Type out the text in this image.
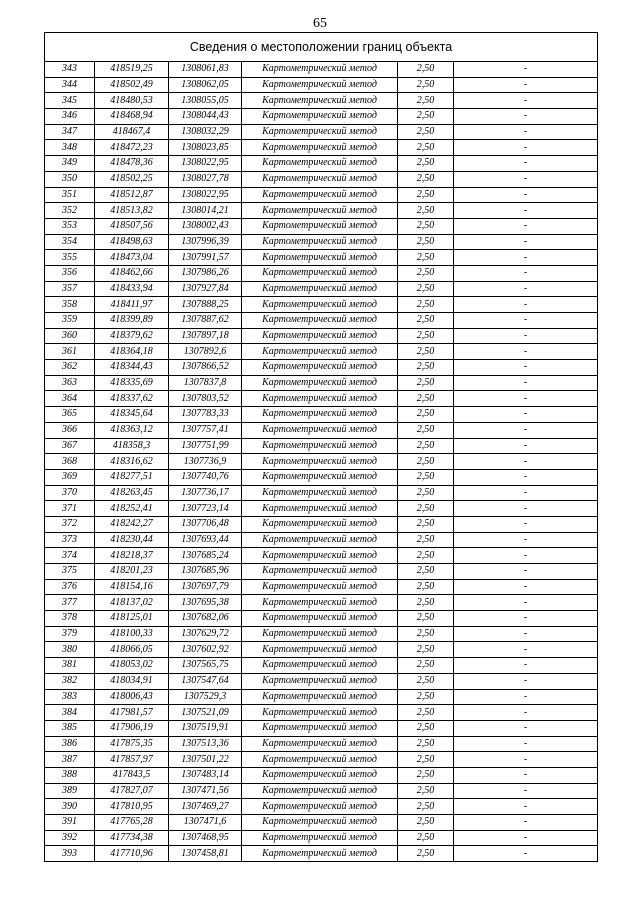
65
Сведения о местоположении границ объекта					
343	418519,25	1308061,83	Картометрический метод	2,50	-
344	418502,49	1308062,05	Картометрический метод	2,50	-
345	418480,53	1308055,05	Картометрический метод	2,50	-
346	418468,94	1308044,43	Картометрический метод	2,50	-
347	418467,4	1308032,29	Картометрический метод	2,50	-
348	418472,23	1308023,85	Картометрический метод	2,50	-
349	418478,36	1308022,95	Картометрический метод	2,50	-
350	418502,25	1308027,78	Картометрический метод	2,50	-
351	418512,87	1308022,95	Картометрический метод	2,50	-
352	418513,82	1308014,21	Картометрический метод	2,50	-
353	418507,56	1308002,43	Картометрический метод	2,50	-
354	418498,63	1307996,39	Картометрический метод	2,50	-
355	418473,04	1307991,57	Картометрический метод	2,50	-
356	418462,66	1307986,26	Картометрический метод	2,50	-
357	418433,94	1307927,84	Картометрический метод	2,50	-
358	418411,97	1307888,25	Картометрический метод	2,50	-
359	418399,89	1307887,62	Картометрический метод	2,50	-
360	418379,62	1307897,18	Картометрический метод	2,50	-
361	418364,18	1307892,6	Картометрический метод	2,50	-
362	418344,43	1307866,52	Картометрический метод	2,50	-
363	418335,69	1307837,8	Картометрический метод	2,50	-
364	418337,62	1307803,52	Картометрический метод	2,50	-
365	418345,64	1307783,33	Картометрический метод	2,50	-
366	418363,12	1307757,41	Картометрический метод	2,50	-
367	418358,3	1307751,99	Картометрический метод	2,50	-
368	418316,62	1307736,9	Картометрический метод	2,50	-
369	418277,51	1307740,76	Картометрический метод	2,50	-
370	418263,45	1307736,17	Картометрический метод	2,50	-
371	418252,41	1307723,14	Картометрический метод	2,50	-
372	418242,27	1307706,48	Картометрический метод	2,50	-
373	418230,44	1307693,44	Картометрический метод	2,50	-
374	418218,37	1307685,24	Картометрический метод	2,50	-
375	418201,23	1307685,96	Картометрический метод	2,50	-
376	418154,16	1307697,79	Картометрический метод	2,50	-
377	418137,02	1307695,38	Картометрический метод	2,50	-
378	418125,01	1307682,06	Картометрический метод	2,50	-
379	418100,33	1307629,72	Картометрический метод	2,50	-
380	418066,05	1307602,92	Картометрический метод	2,50	-
381	418053,02	1307565,75	Картометрический метод	2,50	-
382	418034,91	1307547,64	Картометрический метод	2,50	-
383	418006,43	1307529,3	Картометрический метод	2,50	-
384	417981,57	1307521,09	Картометрический метод	2,50	-
385	417906,19	1307519,91	Картометрический метод	2,50	-
386	417875,35	1307513,36	Картометрический метод	2,50	-
387	417857,97	1307501,22	Картометрический метод	2,50	-
388	417843,5	1307483,14	Картометрический метод	2,50	-
389	417827,07	1307471,56	Картометрический метод	2,50	-
390	417810,95	1307469,27	Картометрический метод	2,50	-
391	417765,28	1307471,6	Картометрический метод	2,50	-
392	417734,38	1307468,95	Картометрический метод	2,50	-
393	417710,96	1307458,81	Картометрический метод	2,50	-
